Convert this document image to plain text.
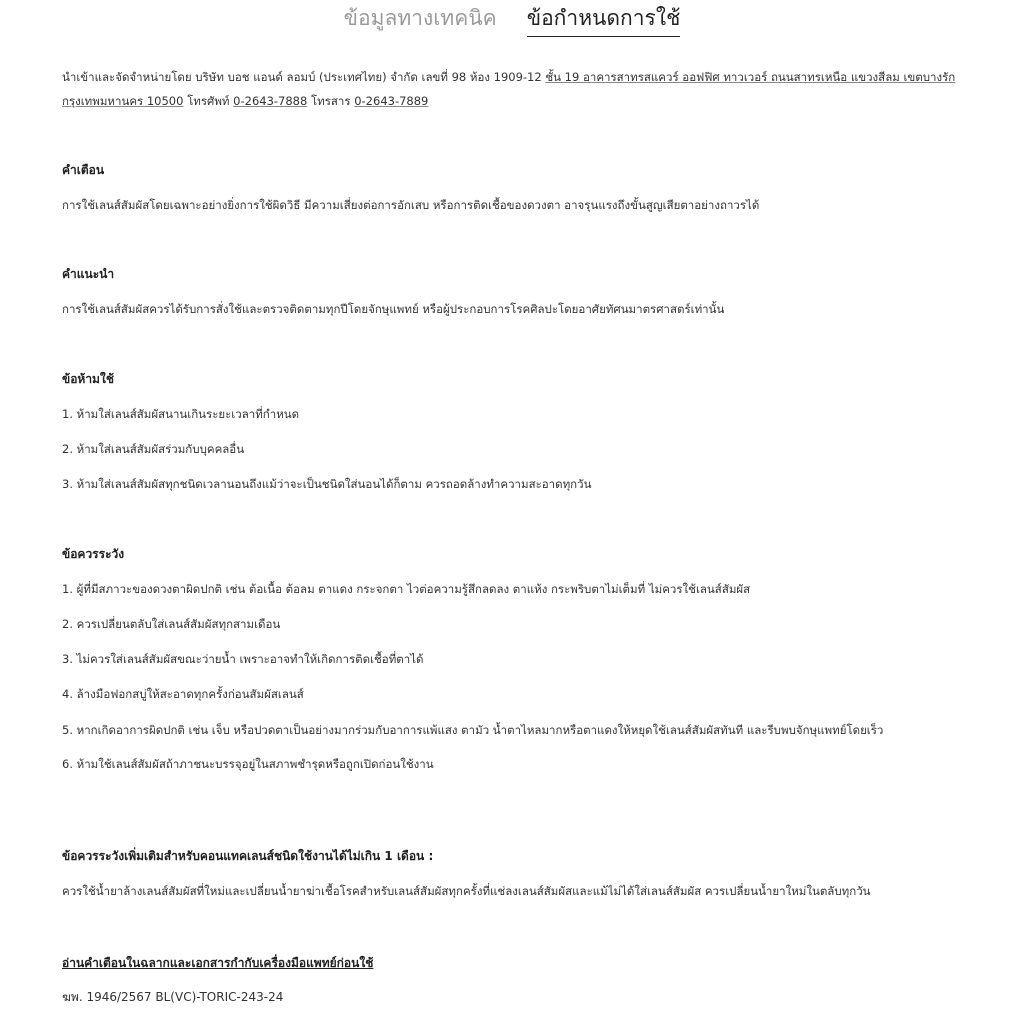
ข้อมูลทางเทคนิค ข้อกำหนดการใช้

นำเข้าและจัดจำหน่ายโดย บริษัท บอช แอนด์ ลอมบ์ (ประเทศไทย) จำกัด เลขที่ 98 ห้อง 1909-12 ชั้น 19 อาคารสาทรสแควร์ ออฟฟิศ ทาวเวอร์ ถนนสาทรเหนือ แขวงสีลม เขตบางรัก กรุงเทพมหานคร 10500 โทรศัพท์ 0-2643-7888 โทรสาร 0-2643-7889

คำเตือน

การใช้เลนส์สัมผัสโดยเฉพาะอย่างยิ่งการใช้ผิดวิธี มีความเสี่ยงต่อการอักเสบ หรือการติดเชื้อของดวงตา อาจรุนแรงถึงขั้นสูญเสียตาอย่างถาวรได้

คำแนะนำ

การใช้เลนส์สัมผัสควรได้รับการสั่งใช้และตรวจติดตามทุกปีโดยจักษุแพทย์ หรือผู้ประกอบการโรคศิลปะโดยอาศัยทัศนมาตรศาสตร์เท่านั้น

ข้อห้ามใช้

1. ห้ามใส่เลนส์สัมผัสนานเกินระยะเวลาที่กำหนด

2. ห้ามใส่เลนส์สัมผัสร่วมกับบุคคลอื่น

3. ห้ามใส่เลนส์สัมผัสทุกชนิดเวลานอนถึงแม้ว่าจะเป็นชนิดใส่นอนได้ก็ตาม ควรถอดล้างทำความสะอาดทุกวัน

ข้อควรระวัง

1. ผู้ที่มีสภาวะของดวงตาผิดปกติ เช่น ต้อเนื้อ ต้อลม ตาแดง กระจกตา ไวต่อความรู้สึกลดลง ตาแห้ง กระพริบตาไม่เต็มที่ ไม่ควรใช้เลนส์สัมผัส

2. ควรเปลี่ยนตลับใส่เลนส์สัมผัสทุกสามเดือน

3. ไม่ควรใส่เลนส์สัมผัสขณะว่ายน้ำ เพราะอาจทำให้เกิดการติดเชื้อที่ตาได้

4. ล้างมือฟอกสบู่ให้สะอาดทุกครั้งก่อนสัมผัสเลนส์

5. หากเกิดอาการผิดปกติ เช่น เจ็บ หรือปวดตาเป็นอย่างมากร่วมกับอาการแพ้แสง ตามัว น้ำตาไหลมากหรือตาแดงให้หยุดใช้เลนส์สัมผัสทันที และรีบพบจักษุแพทย์โดยเร็ว

6. ห้ามใช้เลนส์สัมผัสถ้าภาชนะบรรจุอยู่ในสภาพชำรุดหรือถูกเปิดก่อนใช้งาน

ข้อควรระวังเพิ่มเติมสำหรับคอนแทคเลนส์ชนิดใช้งานได้ไม่เกิน 1 เดือน :

ควรใช้น้ำยาล้างเลนส์สัมผัสที่ใหม่และเปลี่ยนน้ำยาฆ่าเชื้อโรคสำหรับเลนส์สัมผัสทุกครั้งที่แช่ลงเลนส์สัมผัสและแม้ไม่ได้ใส่เลนส์สัมผัส ควรเปลี่ยนน้ำยาใหม่ในตลับทุกวัน

อ่านคำเตือนในฉลากและเอกสารกำกับเครื่องมือแพทย์ก่อนใช้
ฆพ. 1946/2567 BL(VC)-TORIC-243-24
